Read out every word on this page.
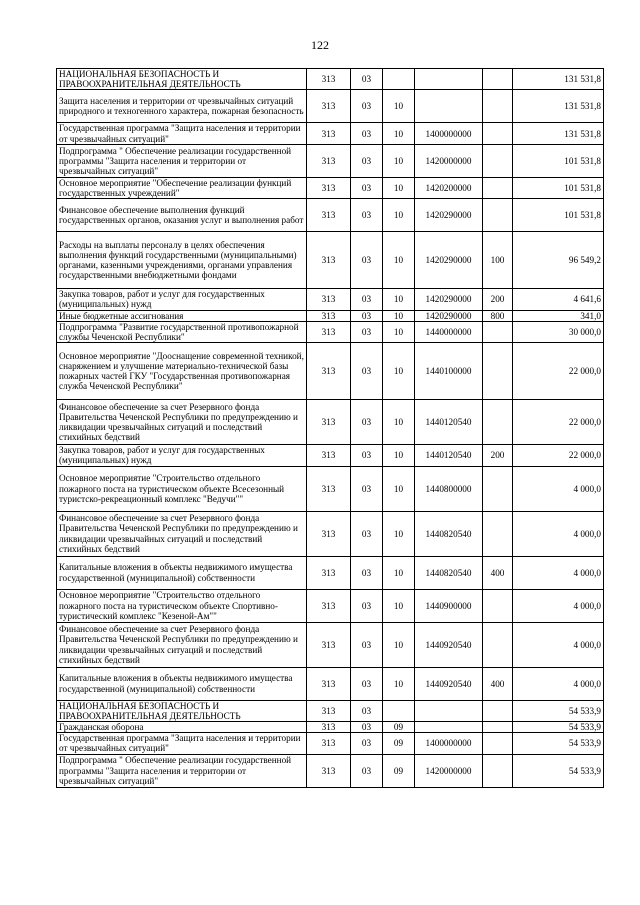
122
НАЦИОНАЛЬНАЯ БЕЗОПАСНОСТЬ И ПРАВООХРАНИТЕЛЬНАЯ ДЕЯТЕЛЬНОСТЬ	313	03				131 531,8
Защита населения и территории от чрезвычайных ситуаций природного и техногенного характера, пожарная безопасность	313	03	10			131 531,8
Государственная программа "Защита населения и территории от чрезвычайных ситуаций"	313	03	10	1400000000		131 531,8
Подпрограмма " Обеспечение реализации государственной программы "Защита населения и территории от чрезвычайных ситуаций"	313	03	10	1420000000		101 531,8
Основное мероприятие "Обеспечение реализации функций государственных учреждений"	313	03	10	1420200000		101 531,8
Финансовое обеспечение выполнения функций государственных органов, оказания услуг и выполнения работ	313	03	10	1420290000		101 531,8
Расходы на выплаты персоналу в целях обеспечения выполнения функций государственными (муниципальными) органами, казенными учреждениями, органами управления государственными внебюджетными фондами	313	03	10	1420290000	100	96 549,2
Закупка товаров, работ и услуг для государственных (муниципальных) нужд	313	03	10	1420290000	200	4 641,6
Иные бюджетные ассигнования	313	03	10	1420290000	800	341,0
Подпрограмма "Развитие государственной противопожарной службы Чеченской Республики"	313	03	10	1440000000		30 000,0
Основное мероприятие "Дооснащение современной техникой, снаряжением и улучшение материально-технической базы пожарных частей ГКУ "Государственная противопожарная служба Чеченской Республики"	313	03	10	1440100000		22 000,0
Финансовое обеспечение за счет Резервного фонда Правительства Чеченской Республики по предупреждению и ликвидации чрезвычайных ситуаций и последствий стихийных бедствий	313	03	10	1440120540		22 000,0
Закупка товаров, работ и услуг для государственных (муниципальных) нужд	313	03	10	1440120540	200	22 000,0
Основное мероприятие "Строительство отдельного пожарного поста на туристическом объекте Всесезонный туристско-рекреационный комплекс "Ведучи""	313	03	10	1440800000		4 000,0
Финансовое обеспечение за счет Резервного фонда Правительства Чеченской Республики по предупреждению и ликвидации чрезвычайных ситуаций и последствий стихийных бедствий	313	03	10	1440820540		4 000,0
Капитальные вложения в объекты недвижимого имущества государственной (муниципальной) собственности	313	03	10	1440820540	400	4 000,0
Основное мероприятие "Строительство отдельного пожарного поста на туристическом объекте Спортивно-туристический комплекс "Кезеной-Ам""	313	03	10	1440900000		4 000,0
Финансовое обеспечение за счет Резервного фонда Правительства Чеченской Республики по предупреждению и ликвидации чрезвычайных ситуаций и последствий стихийных бедствий	313	03	10	1440920540		4 000,0
Капитальные вложения в объекты недвижимого имущества государственной (муниципальной) собственности	313	03	10	1440920540	400	4 000,0
НАЦИОНАЛЬНАЯ БЕЗОПАСНОСТЬ И ПРАВООХРАНИТЕЛЬНАЯ ДЕЯТЕЛЬНОСТЬ	313	03				54 533,9
Гражданская оборона	313	03	09			54 533,9
Государственная программа "Защита населения и территории от чрезвычайных ситуаций"	313	03	09	1400000000		54 533,9
Подпрограмма " Обеспечение реализации государственной программы "Защита населения и территории от чрезвычайных ситуаций"	313	03	09	1420000000		54 533,9
